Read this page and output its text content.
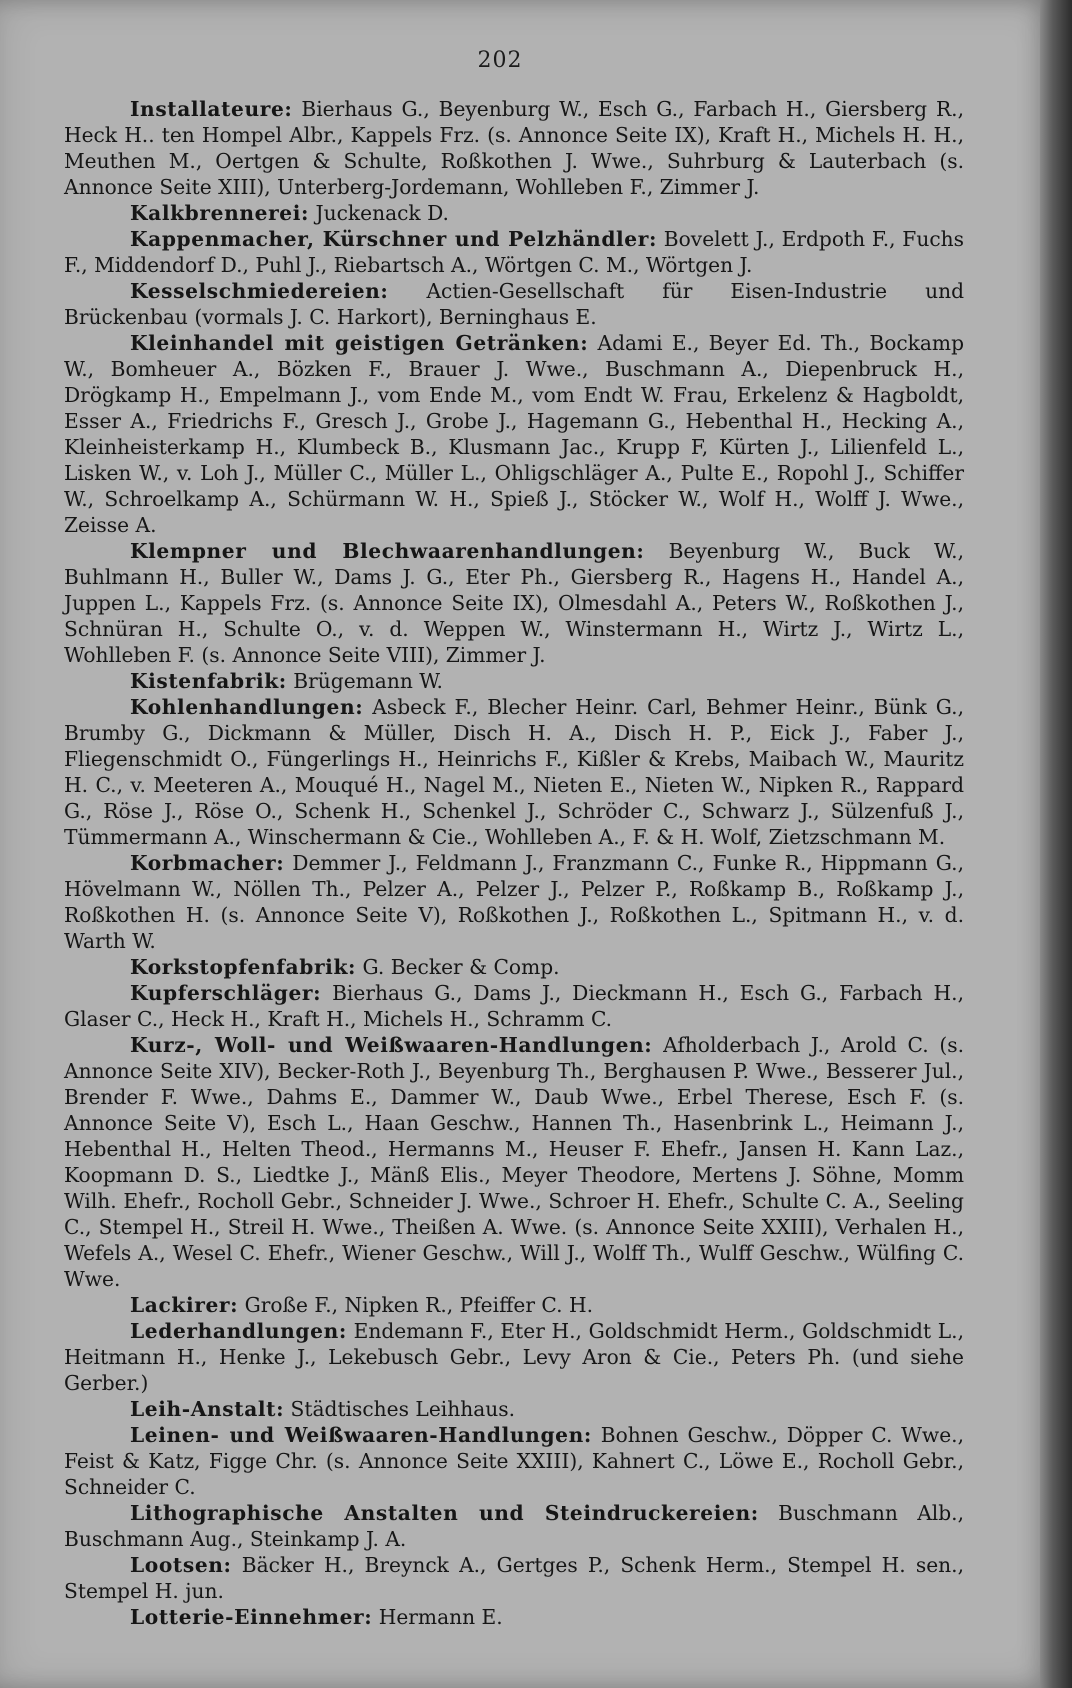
202

Installateure: Bierhaus G., Beyenburg W., Esch G., Farbach H., Giersberg R., Heck H.. ten Hompel Albr., Kappels Frz. (s. Annonce Seite IX), Kraft H., Michels H. H., Meuthen M., Oertgen & Schulte, Roßkothen J. Wwe., Suhrburg & Lauterbach (s. Annonce Seite XIII), Unterberg-Jordemann, Wohlleben F., Zimmer J.

Kalkbrennerei: Juckenack D.

Kappenmacher, Kürschner und Pelzhändler: Bovelett J., Erdpoth F., Fuchs F., Middendorf D., Puhl J., Riebartsch A., Wörtgen C. M., Wörtgen J.

Kesselschmiedereien: Actien-Gesellschaft für Eisen-Industrie und Brückenbau (vormals J. C. Harkort), Berninghaus E.

Kleinhandel mit geistigen Getränken: Adami E., Beyer Ed. Th., Bockamp W., Bomheuer A., Bözken F., Brauer J. Wwe., Buschmann A., Diepenbruck H., Drögkamp H., Empelmann J., vom Ende M., vom Endt W. Frau, Erkelenz & Hagboldt, Esser A., Friedrichs F., Gresch J., Grobe J., Hagemann G., Hebenthal H., Hecking A., Kleinheisterkamp H., Klumbeck B., Klusmann Jac., Krupp F, Kürten J., Lilienfeld L., Lisken W., v. Loh J., Müller C., Müller L., Ohligschläger A., Pulte E., Ropohl J., Schiffer W., Schroelkamp A., Schürmann W. H., Spieß J., Stöcker W., Wolf H., Wolff J. Wwe., Zeisse A.

Klempner und Blechwaarenhandlungen: Beyenburg W., Buck W., Buhlmann H., Buller W., Dams J. G., Eter Ph., Giersberg R., Hagens H., Handel A., Juppen L., Kappels Frz. (s. Annonce Seite IX), Olmesdahl A., Peters W., Roßkothen J., Schnüran H., Schulte O., v. d. Weppen W., Winstermann H., Wirtz J., Wirtz L., Wohlleben F. (s. Annonce Seite VIII), Zimmer J.

Kistenfabrik: Brügemann W.

Kohlenhandlungen: Asbeck F., Blecher Heinr. Carl, Behmer Heinr., Bünk G., Brumby G., Dickmann & Müller, Disch H. A., Disch H. P., Eick J., Faber J., Fliegenschmidt O., Füngerlings H., Heinrichs F., Kißler & Krebs, Maibach W., Mauritz H. C., v. Meeteren A., Mouqué H., Nagel M., Nieten E., Nieten W., Nipken R., Rappard G., Röse J., Röse O., Schenk H., Schenkel J., Schröder C., Schwarz J., Sülzenfuß J., Tümmermann A., Winschermann & Cie., Wohlleben A., F. & H. Wolf, Zietzschmann M.

Korbmacher: Demmer J., Feldmann J., Franzmann C., Funke R., Hippmann G., Hövelmann W., Nöllen Th., Pelzer A., Pelzer J., Pelzer P., Roßkamp B., Roßkamp J., Roßkothen H. (s. Annonce Seite V), Roßkothen J., Roßkothen L., Spitmann H., v. d. Warth W.

Korkstopfenfabrik: G. Becker & Comp.

Kupferschläger: Bierhaus G., Dams J., Dieckmann H., Esch G., Farbach H., Glaser C., Heck H., Kraft H., Michels H., Schramm C.

Kurz-, Woll- und Weißwaaren-Handlungen: Afholderbach J., Arold C. (s. Annonce Seite XIV), Becker-Roth J., Beyenburg Th., Berghausen P. Wwe., Besserer Jul., Brender F. Wwe., Dahms E., Dammer W., Daub Wwe., Erbel Therese, Esch F. (s. Annonce Seite V), Esch L., Haan Geschw., Hannen Th., Hasenbrink L., Heimann J., Hebenthal H., Helten Theod., Hermanns M., Heuser F. Ehefr., Jansen H. Kann Laz., Koopmann D. S., Liedtke J., Mänß Elis., Meyer Theodore, Mertens J. Söhne, Momm Wilh. Ehefr., Rocholl Gebr., Schneider J. Wwe., Schroer H. Ehefr., Schulte C. A., Seeling C., Stempel H., Streil H. Wwe., Theißen A. Wwe. (s. Annonce Seite XXIII), Verhalen H., Wefels A., Wesel C. Ehefr., Wiener Geschw., Will J., Wolff Th., Wulff Geschw., Wülfing C. Wwe.

Lackirer: Große F., Nipken R., Pfeiffer C. H.

Lederhandlungen: Endemann F., Eter H., Goldschmidt Herm., Goldschmidt L., Heitmann H., Henke J., Lekebusch Gebr., Levy Aron & Cie., Peters Ph. (und siehe Gerber.)

Leih-Anstalt: Städtisches Leihhaus.

Leinen- und Weißwaaren-Handlungen: Bohnen Geschw., Döpper C. Wwe., Feist & Katz, Figge Chr. (s. Annonce Seite XXIII), Kahnert C., Löwe E., Rocholl Gebr., Schneider C.

Lithographische Anstalten und Steindruckereien: Buschmann Alb., Buschmann Aug., Steinkamp J. A.

Lootsen: Bäcker H., Breynck A., Gertges P., Schenk Herm., Stempel H. sen., Stempel H. jun.

Lotterie-Einnehmer: Hermann E.
